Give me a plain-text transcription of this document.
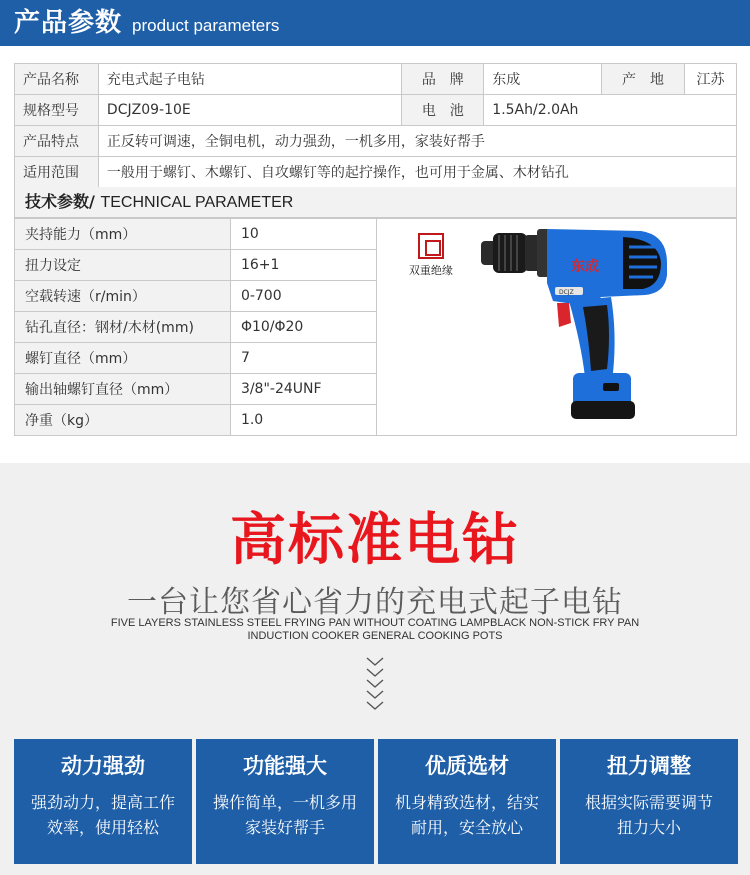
产品参数 product parameters
产品名称	充电式起子电钻	品　牌	东成	产　地	江苏
规格型号	DCJZ09-10E	电　池	1.5Ah/2.0Ah		
产品特点	正反转可调速，全铜电机，动力强劲，一机多用，家装好帮手				
适用范围	一般用于螺钉、木螺钉、自攻螺钉等的起拧操作，也可用于金属、木材钻孔				
技术参数/ TECHNICAL PARAMETER
夹持能力（mm）	10	双重绝缘 东成
DCJZ

扭力设定	16+1	
空载转速（r/min）	0-700	
钻孔直径：钢材/木材(mm)	Φ10/Φ20	
螺钉直径（mm）	7	
输出轴螺钉直径（mm）	3/8"-24UNF	
净重（kg）	1.0	
高标准电钻
一台让您省心省力的充电式起子电钻
FIVE LAYERS STAINLESS STEEL FRYING PAN WITHOUT COATING LAMPBLACK NON-STICK FRY PAN INDUCTION COOKER GENERAL COOKING POTS
动力强劲
强劲动力，提高工作
效率，使用轻松
功能强大
操作简单，一机多用
家装好帮手
优质选材
机身精致选材，结实
耐用，安全放心
扭力调整
根据实际需要调节
扭力大小
